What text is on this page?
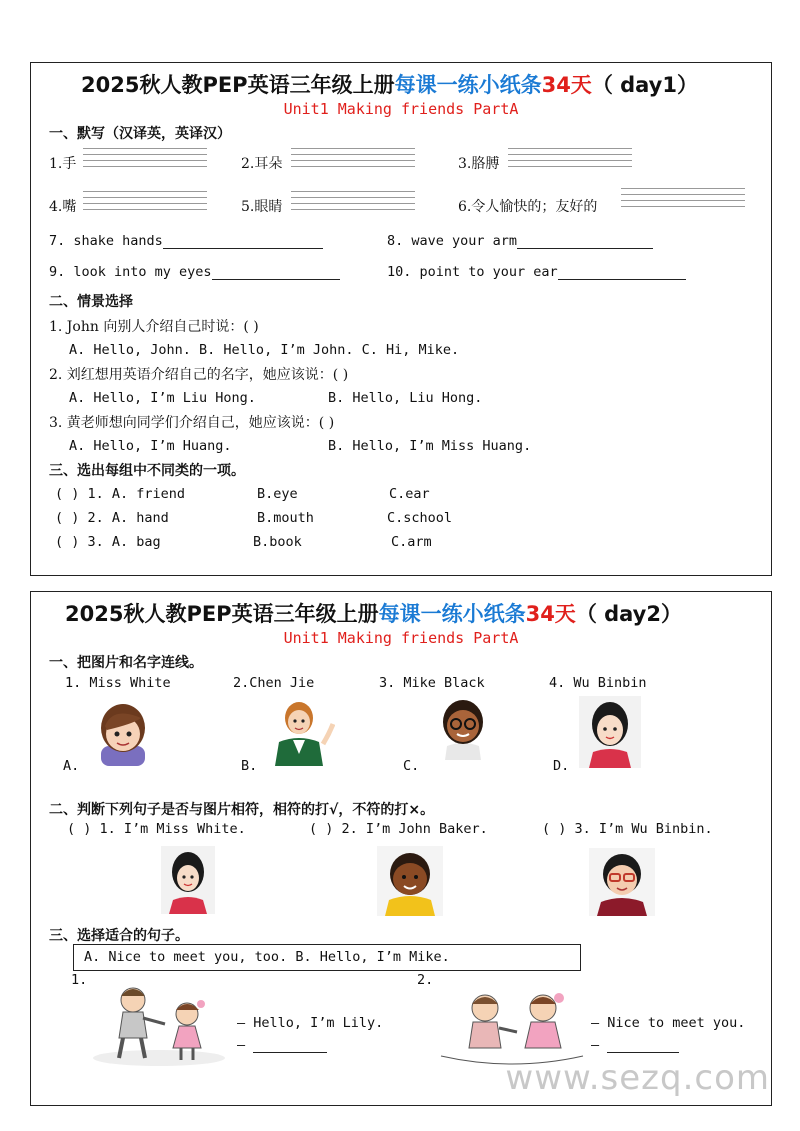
2025秋人教PEP英语三年级上册每课一练小纸条34天（ day1）
Unit1 Making friends PartA
一、默写（汉译英，英译汉）
1.手	2.耳朵	3.胳膊
4.嘴	5.眼睛	6.令人愉快的；友好的
7. shake hands	8. wave your arm
9. look into my eyes	10. point to your ear
二、情景选择
1. John 向别人介绍自己时说：( )
A. Hello, John. B. Hello, I’m John. C. Hi, Mike.
2. 刘红想用英语介绍自己的名字，她应该说：( )
A. Hello, I’m Liu Hong.	B. Hello, Liu Hong.
3. 黄老师想向同学们介绍自己，她应该说：( )
A. Hello, I’m Huang.	B. Hello, I’m Miss Huang.
三、选出每组中不同类的一项。
( ) 1. A. friend	B.eye	C.ear
( ) 2. A. hand	B.mouth	C.school
( ) 3. A. bag	B.book	C.arm
2025秋人教PEP英语三年级上册每课一练小纸条34天（ day2）
Unit1 Making friends PartA
一、把图片和名字连线。
1. Miss White	2.Chen Jie	3. Mike Black	4. Wu Binbin
A.	B.	C.	D.
二、判断下列句子是否与图片相符，相符的打√，不符的打×。
( ) 1. I’m Miss White.	( ) 2. I’m John Baker.	( ) 3. I’m Wu Binbin.
三、选择适合的句子。
A. Nice to meet you, too. B. Hello, I’m Mike.
1.
— Hello, I’m Lily.
—
2.
— Nice to meet you.
—
www.sezq.com
